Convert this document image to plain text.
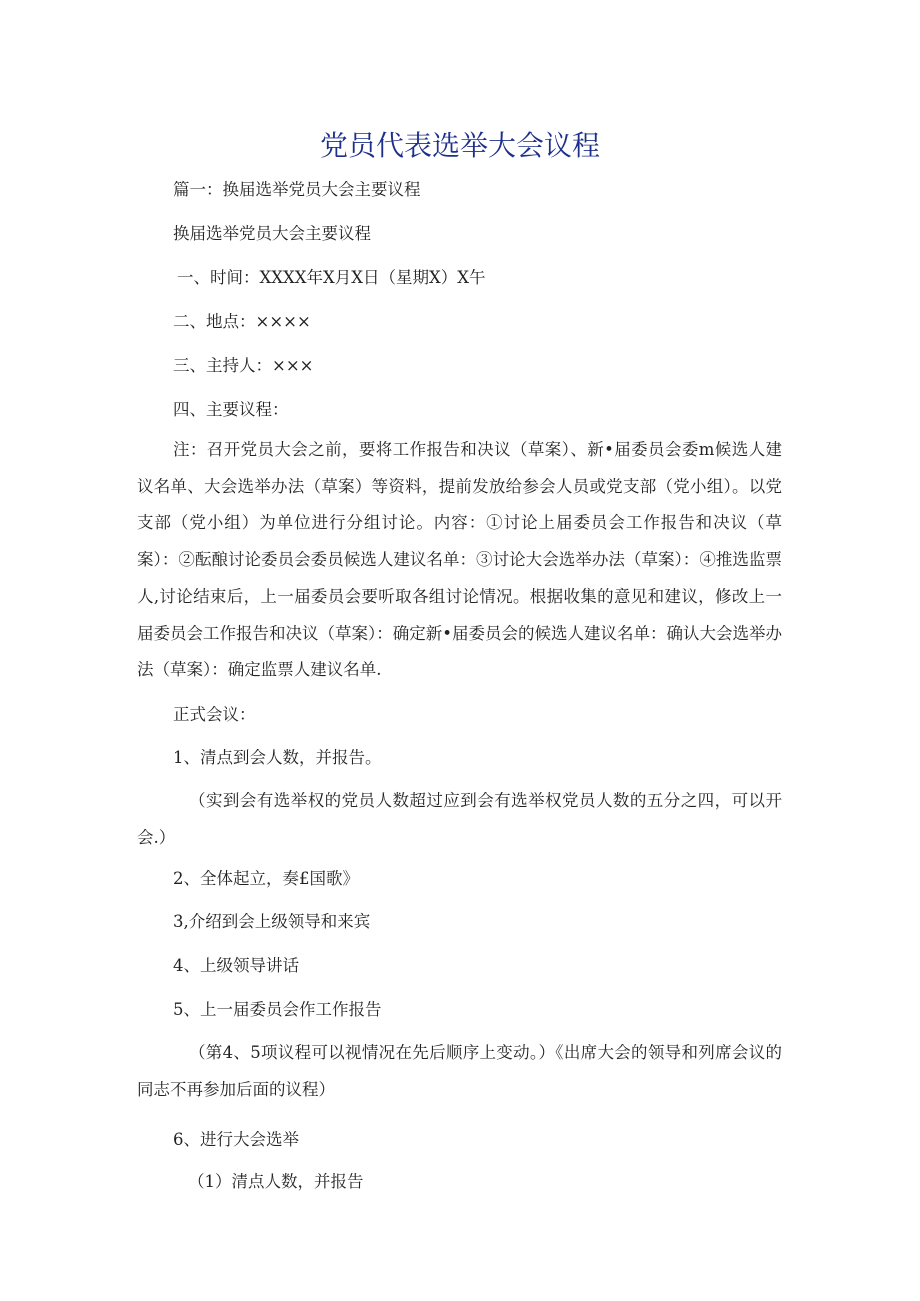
党员代表选举大会议程
篇一：换届选举党员大会主要议程
换届选举党员大会主要议程
一、时间：XXXX年X月X日（星期X）X午
二、地点：××××
三、主持人：×××
四、主要议程：

注：召开党员大会之前，要将工作报告和决议（草案）、新•届委员会委m候选人建议名单、大会选举办法（草案）等资料，提前发放给参会人员或党支部（党小组）。以党支部（党小组）为单位进行分组讨论。内容：①讨论上届委员会工作报告和决议（草案）：②酝酿讨论委员会委员候选人建议名单：③讨论大会选举办法（草案）：④推选监票人,讨论结束后，上一届委员会要听取各组讨论情况。根据收集的意见和建议，修改上一届委员会工作报告和决议（草案）：确定新•届委员会的候选人建议名单：确认大会选举办法（草案）：确定监票人建议名单.

正式会议：
1、清点到会人数，并报告。

（实到会有选举权的党员人数超过应到会有选举权党员人数的五分之四，可以开会.）

2、全体起立，奏£国歌》
3,介绍到会上级领导和来宾
4、上级领导讲话
5、上一届委员会作工作报告

（第4、5项议程可以视情况在先后顺序上变动。）《出席大会的领导和列席会议的同志不再参加后面的议程）

6、进行大会选举
（1）清点人数，并报告
